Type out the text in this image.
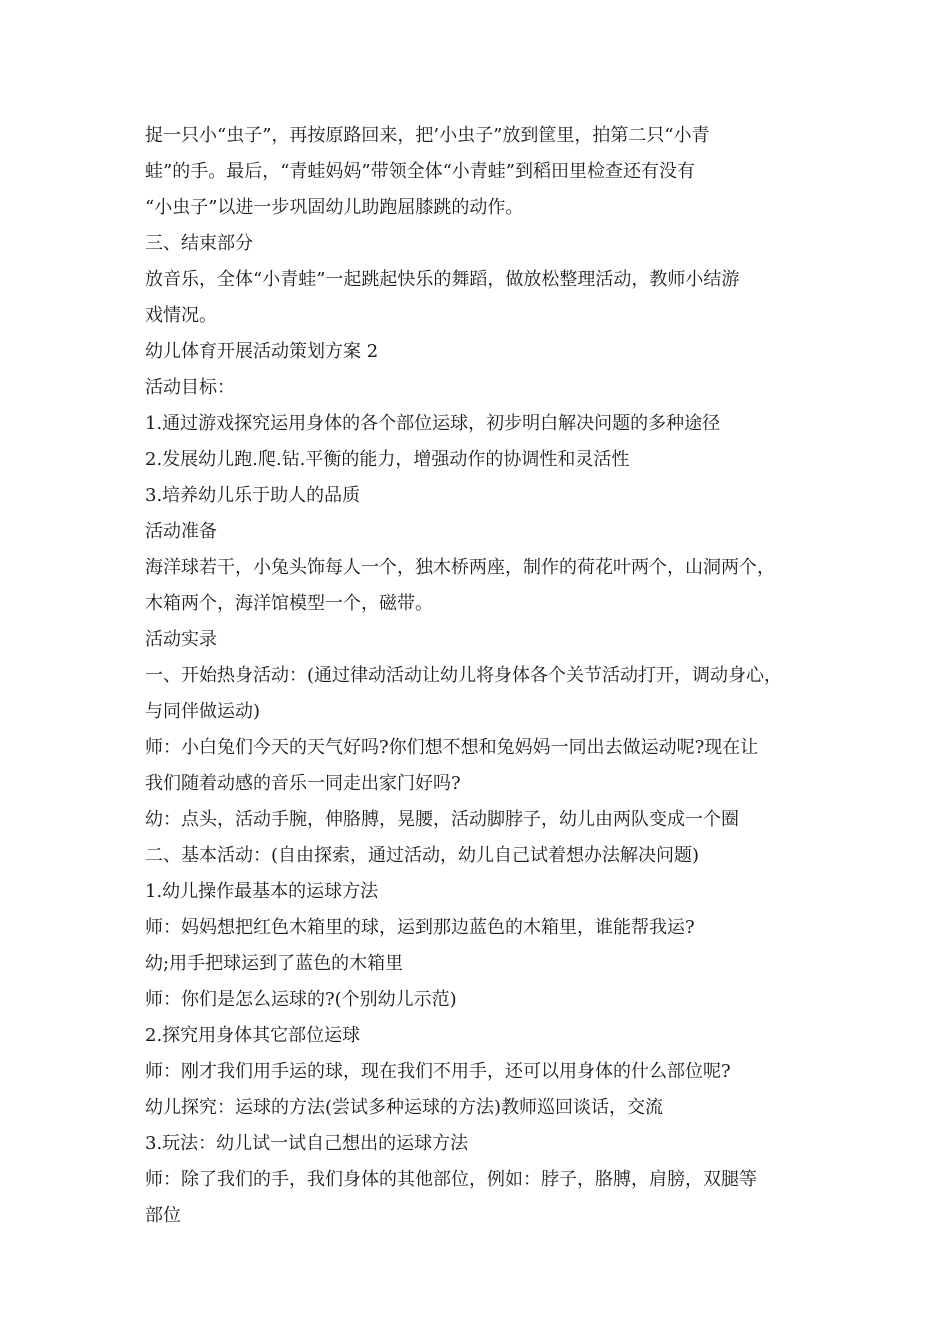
捉一只小“虫子”，再按原路回来，把’小虫子”放到筐里，拍第二只“小青

蛙”的手。最后，“青蛙妈妈”带领全体“小青蛙”到稻田里检查还有没有

“小虫子”以进一步巩固幼儿助跑屈膝跳的动作。

三、结束部分

放音乐，全体“小青蛙”一起跳起快乐的舞蹈，做放松整理活动，教师小结游

戏情况。

幼儿体育开展活动策划方案 2

活动目标：

1.通过游戏探究运用身体的各个部位运球，初步明白解决问题的多种途径

2.发展幼儿跑.爬.钻.平衡的能力，增强动作的协调性和灵活性

3.培养幼儿乐于助人的品质

活动准备

海洋球若干，小兔头饰每人一个，独木桥两座，制作的荷花叶两个，山洞两个，

木箱两个，海洋馆模型一个，磁带。

活动实录

一、开始热身活动：(通过律动活动让幼儿将身体各个关节活动打开，调动身心，

与同伴做运动)

师：小白兔们今天的天气好吗?你们想不想和兔妈妈一同出去做运动呢?现在让

我们随着动感的音乐一同走出家门好吗?

幼：点头，活动手腕，伸胳膊，晃腰，活动脚脖子，幼儿由两队变成一个圈

二、基本活动：(自由探索，通过活动，幼儿自己试着想办法解决问题)

1.幼儿操作最基本的运球方法

师：妈妈想把红色木箱里的球，运到那边蓝色的木箱里，谁能帮我运?

幼;用手把球运到了蓝色的木箱里

师：你们是怎么运球的?(个别幼儿示范)

2.探究用身体其它部位运球

师：刚才我们用手运的球，现在我们不用手，还可以用身体的什么部位呢?

幼儿探究：运球的方法(尝试多种运球的方法)教师巡回谈话，交流

3.玩法：幼儿试一试自己想出的运球方法

师：除了我们的手，我们身体的其他部位，例如：脖子，胳膊，肩膀，双腿等

部位
